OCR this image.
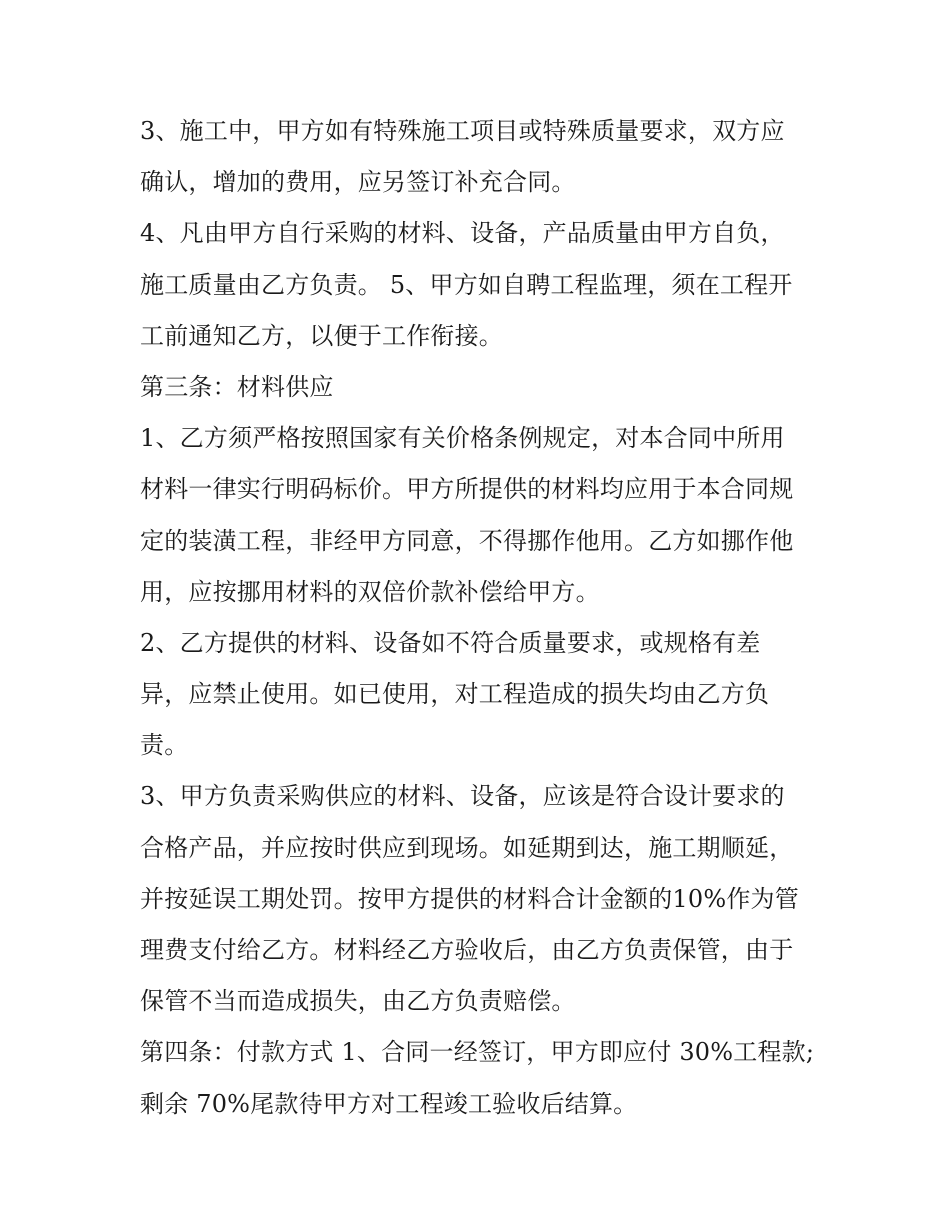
3、施工中，甲方如有特殊施工项目或特殊质量要求，双方应
确认，增加的费用，应另签订补充合同。
4、凡由甲方自行采购的材料、设备，产品质量由甲方自负，
施工质量由乙方负责。 5、甲方如自聘工程监理，须在工程开
工前通知乙方，以便于工作衔接。
第三条：材料供应
1、乙方须严格按照国家有关价格条例规定，对本合同中所用
材料一律实行明码标价。甲方所提供的材料均应用于本合同规
定的装潢工程，非经甲方同意，不得挪作他用。乙方如挪作他
用，应按挪用材料的双倍价款补偿给甲方。
2、乙方提供的材料、设备如不符合质量要求，或规格有差
异，应禁止使用。如已使用，对工程造成的损失均由乙方负
责。
3、甲方负责采购供应的材料、设备，应该是符合设计要求的
合格产品，并应按时供应到现场。如延期到达，施工期顺延，
并按延误工期处罚。按甲方提供的材料合计金额的10%作为管
理费支付给乙方。材料经乙方验收后，由乙方负责保管，由于
保管不当而造成损失，由乙方负责赔偿。
第四条：付款方式 1、合同一经签订，甲方即应付 30%工程款;
剩余 70%尾款待甲方对工程竣工验收后结算。
